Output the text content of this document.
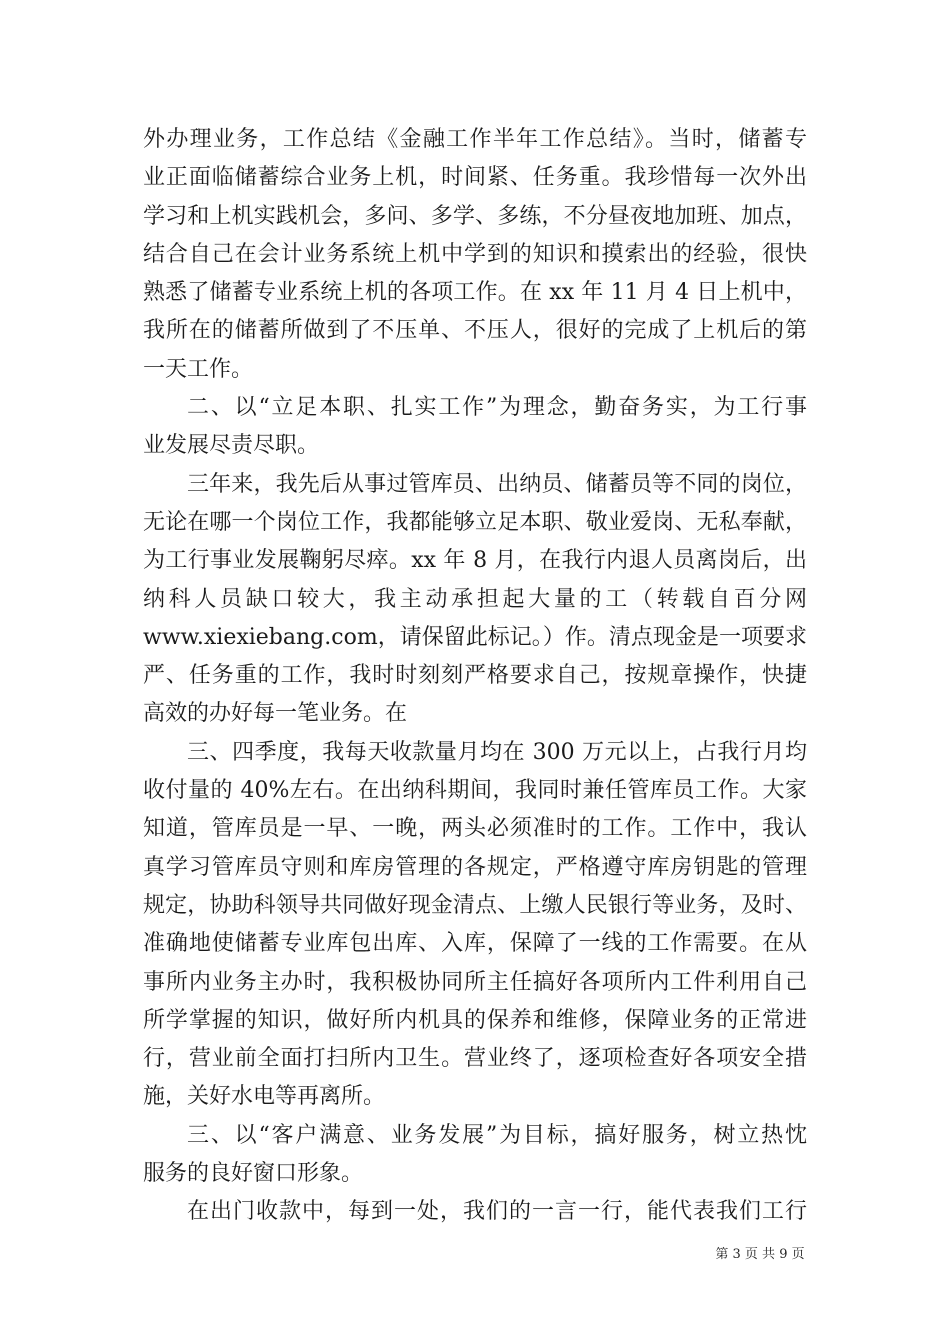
外办理业务，工作总结《金融工作半年工作总结》。当时，储蓄专
业正面临储蓄综合业务上机，时间紧、任务重。我珍惜每一次外出
学习和上机实践机会，多问、多学、多练，不分昼夜地加班、加点，
结合自己在会计业务系统上机中学到的知识和摸索出的经验，很快
熟悉了储蓄专业系统上机的各项工作。在 xx 年 11 月 4 日上机中，
我所在的储蓄所做到了不压单、不压人，很好的完成了上机后的第
一天工作。
二、以“立足本职、扎实工作”为理念，勤奋务实，为工行事
业发展尽责尽职。
三年来，我先后从事过管库员、出纳员、储蓄员等不同的岗位，
无论在哪一个岗位工作，我都能够立足本职、敬业爱岗、无私奉献，
为工行事业发展鞠躬尽瘁。xx 年 8 月，在我行内退人员离岗后，出
纳科人员缺口较大，我主动承担起大量的工（转载自百分网
www.xiexiebang.com，请保留此标记。）作。清点现金是一项要求
严、任务重的工作，我时时刻刻严格要求自己，按规章操作，快捷
高效的办好每一笔业务。在
三、四季度，我每天收款量月均在 300 万元以上，占我行月均
收付量的 40%左右。在出纳科期间，我同时兼任管库员工作。大家
知道，管库员是一早、一晚，两头必须准时的工作。工作中，我认
真学习管库员守则和库房管理的各规定，严格遵守库房钥匙的管理
规定，协助科领导共同做好现金清点、上缴人民银行等业务，及时、
准确地使储蓄专业库包出库、入库，保障了一线的工作需要。在从
事所内业务主办时，我积极协同所主任搞好各项所内工件利用自己
所学掌握的知识，做好所内机具的保养和维修，保障业务的正常进
行，营业前全面打扫所内卫生。营业终了，逐项检查好各项安全措
施，关好水电等再离所。
三、以“客户满意、业务发展”为目标，搞好服务，树立热忱
服务的良好窗口形象。
在出门收款中，每到一处，我们的一言一行，能代表我们工行
第 3 页 共 9 页
